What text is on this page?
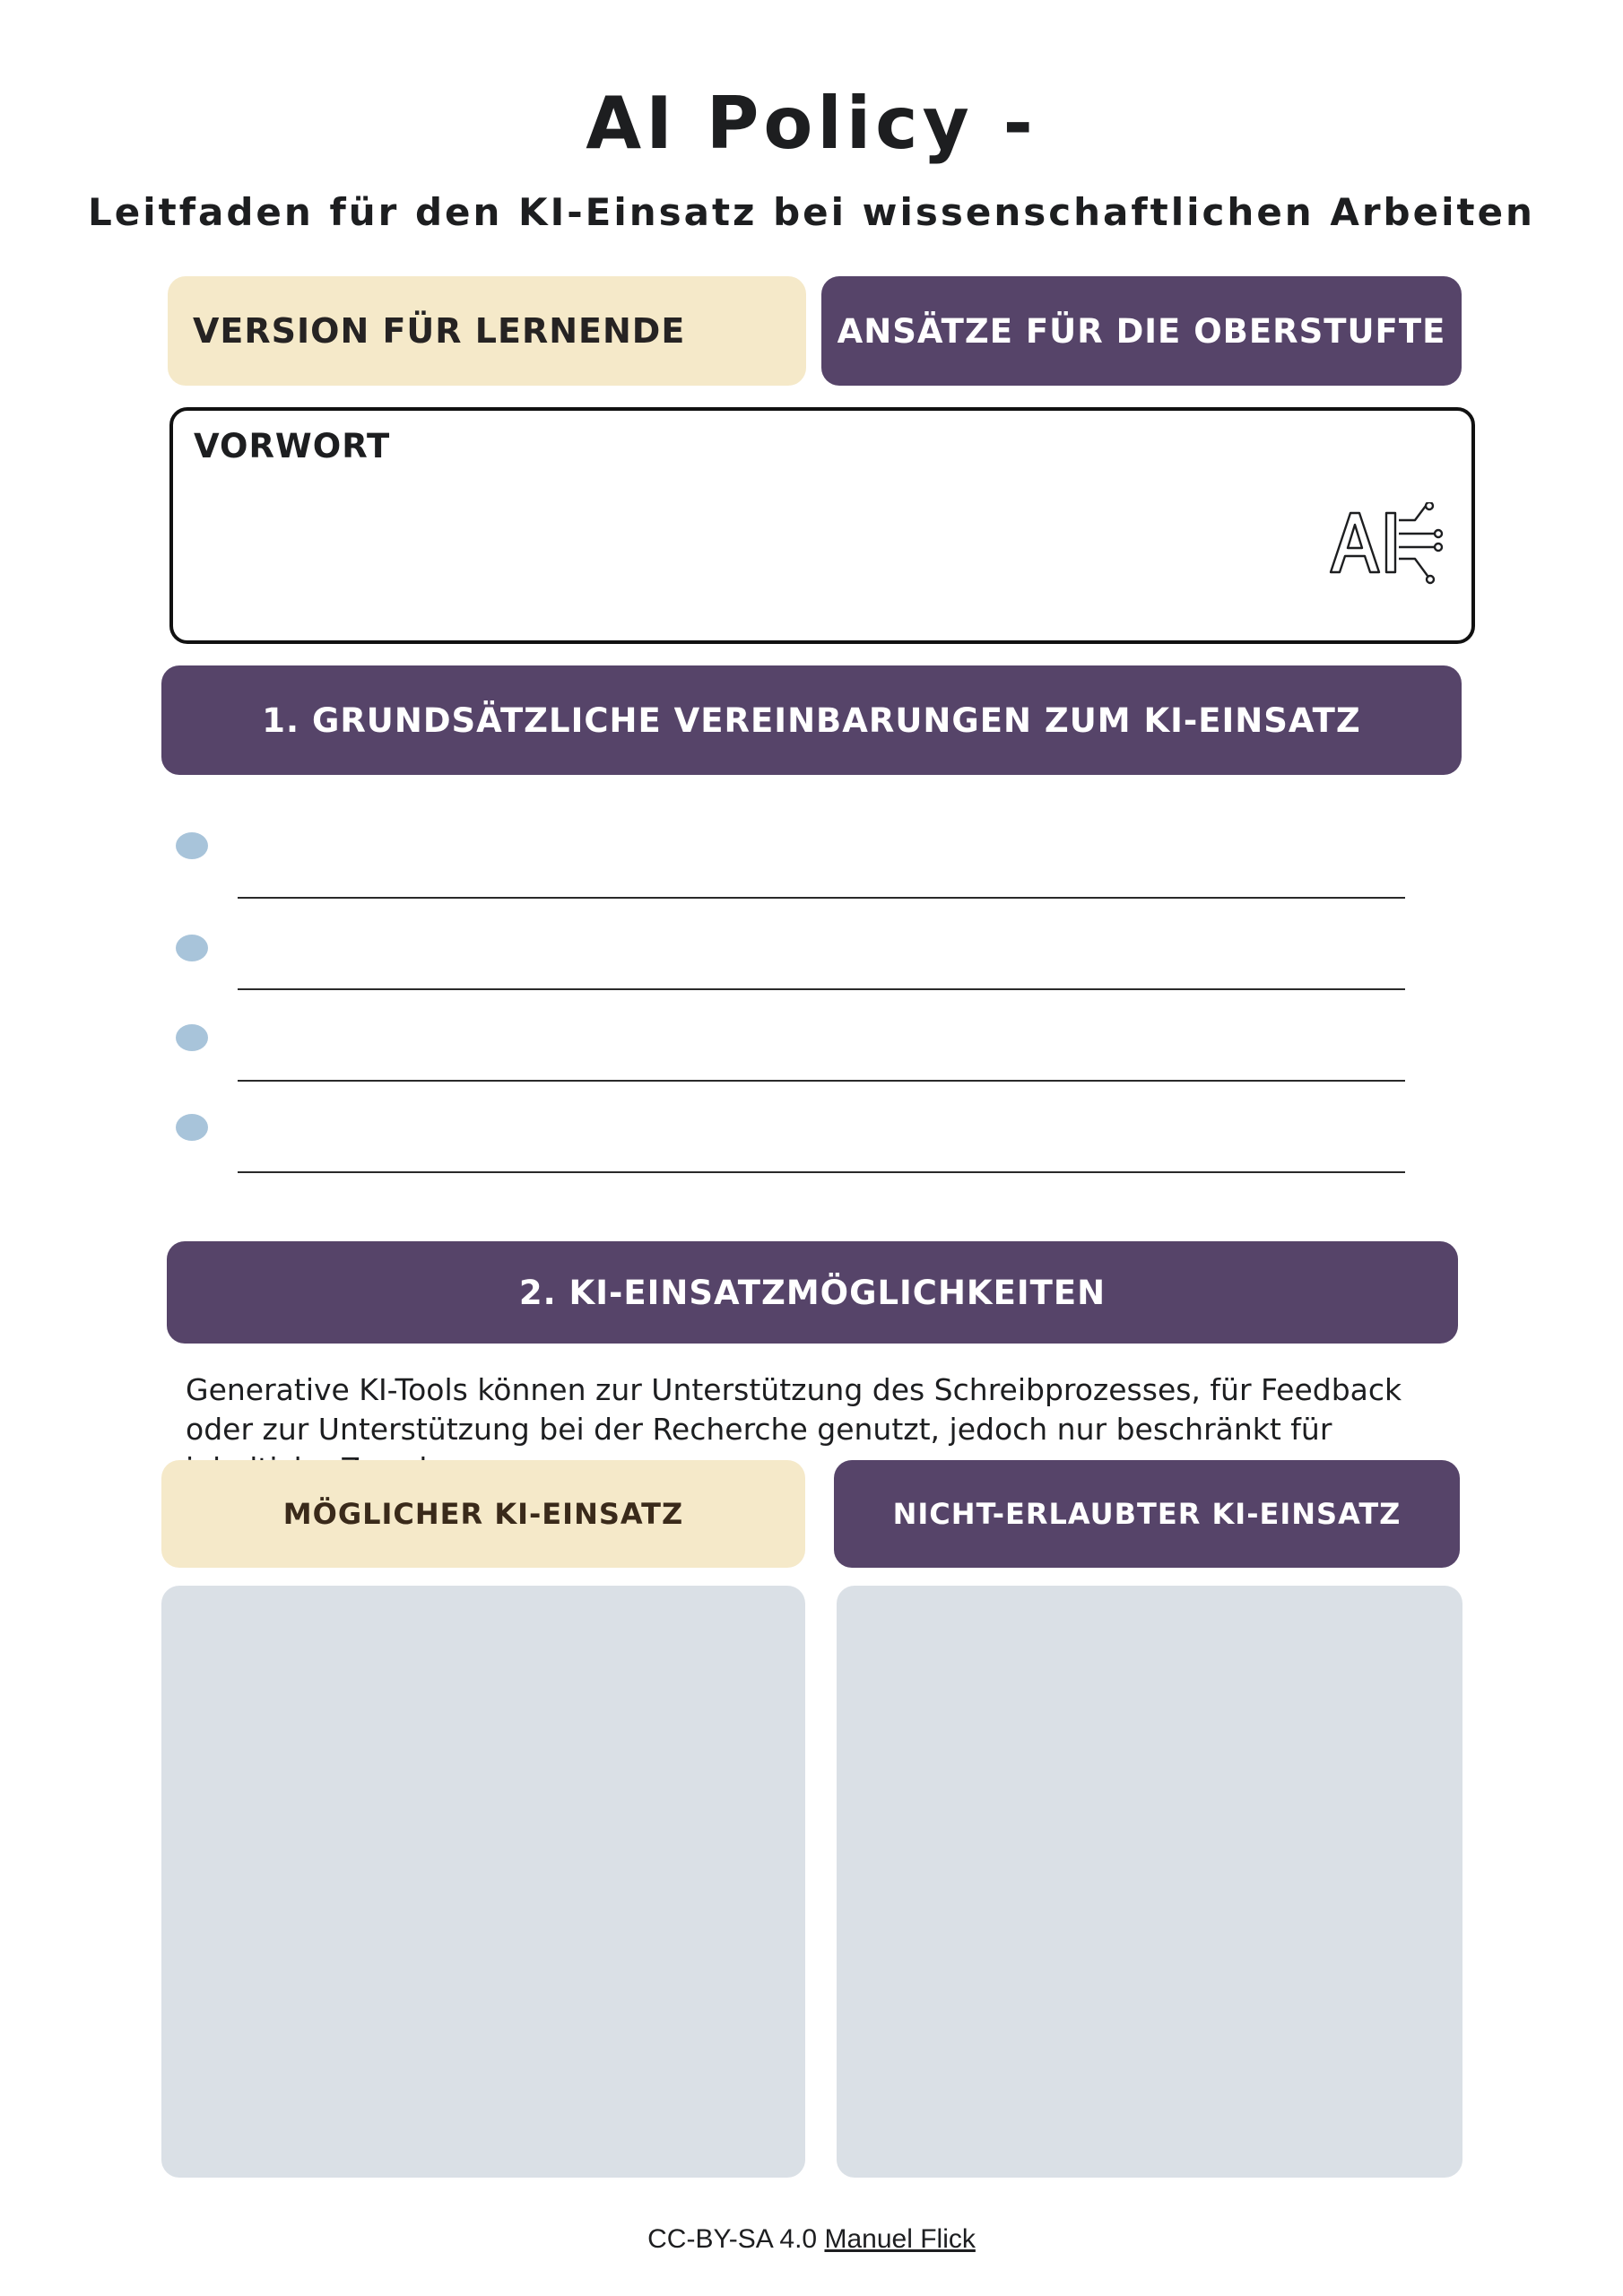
AI Policy -
Leitfaden für den KI-Einsatz bei wissenschaftlichen Arbeiten
VERSION FÜR LERNENDE	ANSÄTZE FÜR DIE OBERSTUFTE
VORWORT
1. GRUNDSÄTZLICHE VEREINBARUNGEN ZUM KI-EINSATZ
2. KI-EINSATZMÖGLICHKEITEN
Generative KI-Tools können zur Unterstützung des Schreibprozesses, für Feedback oder zur Unterstützung bei der Recherche genutzt, jedoch nur beschränkt für
MÖGLICHER KI-EINSATZ	NICHT-ERLAUBTER KI-EINSATZ
CC-BY-SA 4.0 Manuel Flick
